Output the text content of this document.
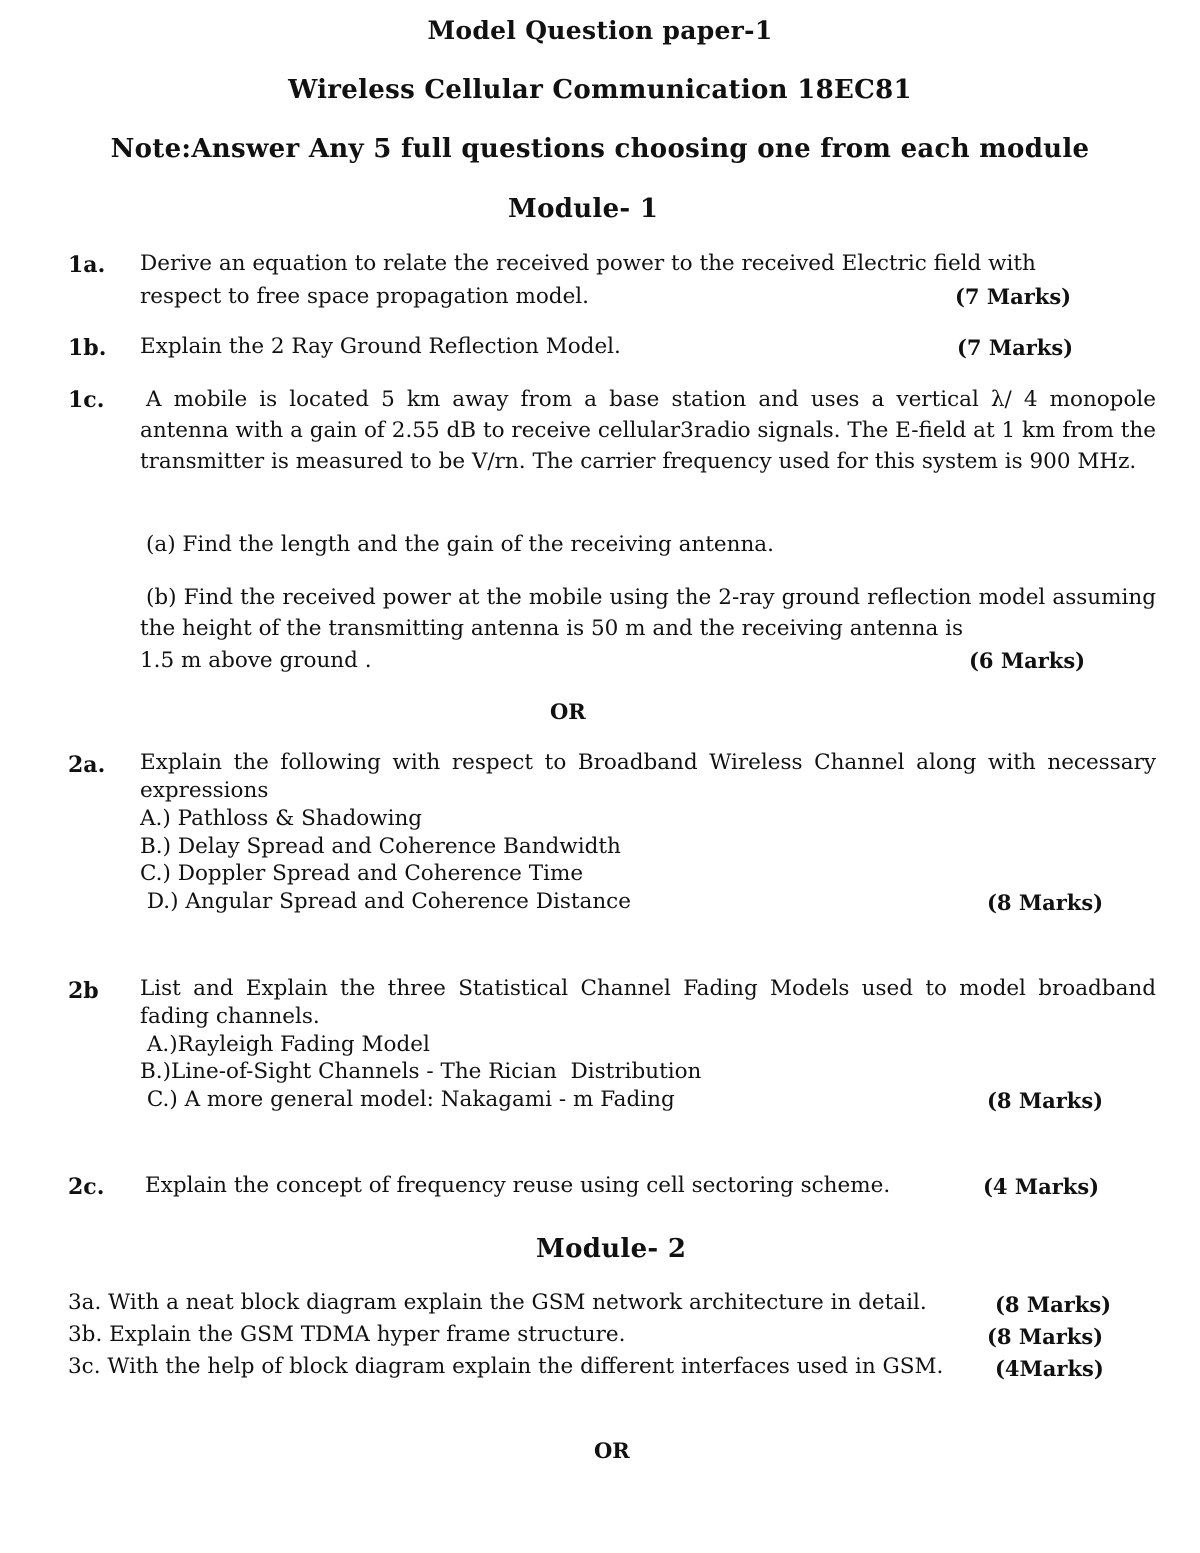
Model Question paper-1
Wireless Cellular Communication 18EC81
Note:Answer Any 5 full questions choosing one from each module
Module- 1
1a. Derive an equation to relate the received power to the received Electric field with
respect to free space propagation model.	(7 Marks)
1b. Explain the 2 Ray Ground Reflection Model.	(7 Marks)
1c. A mobile is located 5 km away from a base station and uses a vertical λ/ 4 monopole antenna with a gain of 2.55 dB to receive cellular3radio signals. The E-field at 1 km from the transmitter is measured to be V/rn. The carrier frequency used for this system is 900 MHz.
(a) Find the length and the gain of the receiving antenna.
(b) Find the received power at the mobile using the 2-ray ground reflection model assuming the height of the transmitting antenna is 50 m and the receiving antenna is
1.5 m above ground .	(6 Marks)
OR
2a. Explain the following with respect to Broadband Wireless Channel along with necessary expressions
A.) Pathloss & Shadowing
B.) Delay Spread and Coherence Bandwidth
C.) Doppler Spread and Coherence Time
D.) Angular Spread and Coherence Distance	(8 Marks)
2b List and Explain the three Statistical Channel Fading Models used to model broadband fading channels.
A.)Rayleigh Fading Model
B.)Line-of-Sight Channels - The Rician  Distribution
C.) A more general model: Nakagami - m Fading	(8 Marks)
2c. Explain the concept of frequency reuse using cell sectoring scheme.	(4 Marks)
Module- 2
3a. With a neat block diagram explain the GSM network architecture in detail.	(8 Marks)
3b. Explain the GSM TDMA hyper frame structure.	(8 Marks)
3c. With the help of block diagram explain the different interfaces used in GSM. (4Marks)
OR
